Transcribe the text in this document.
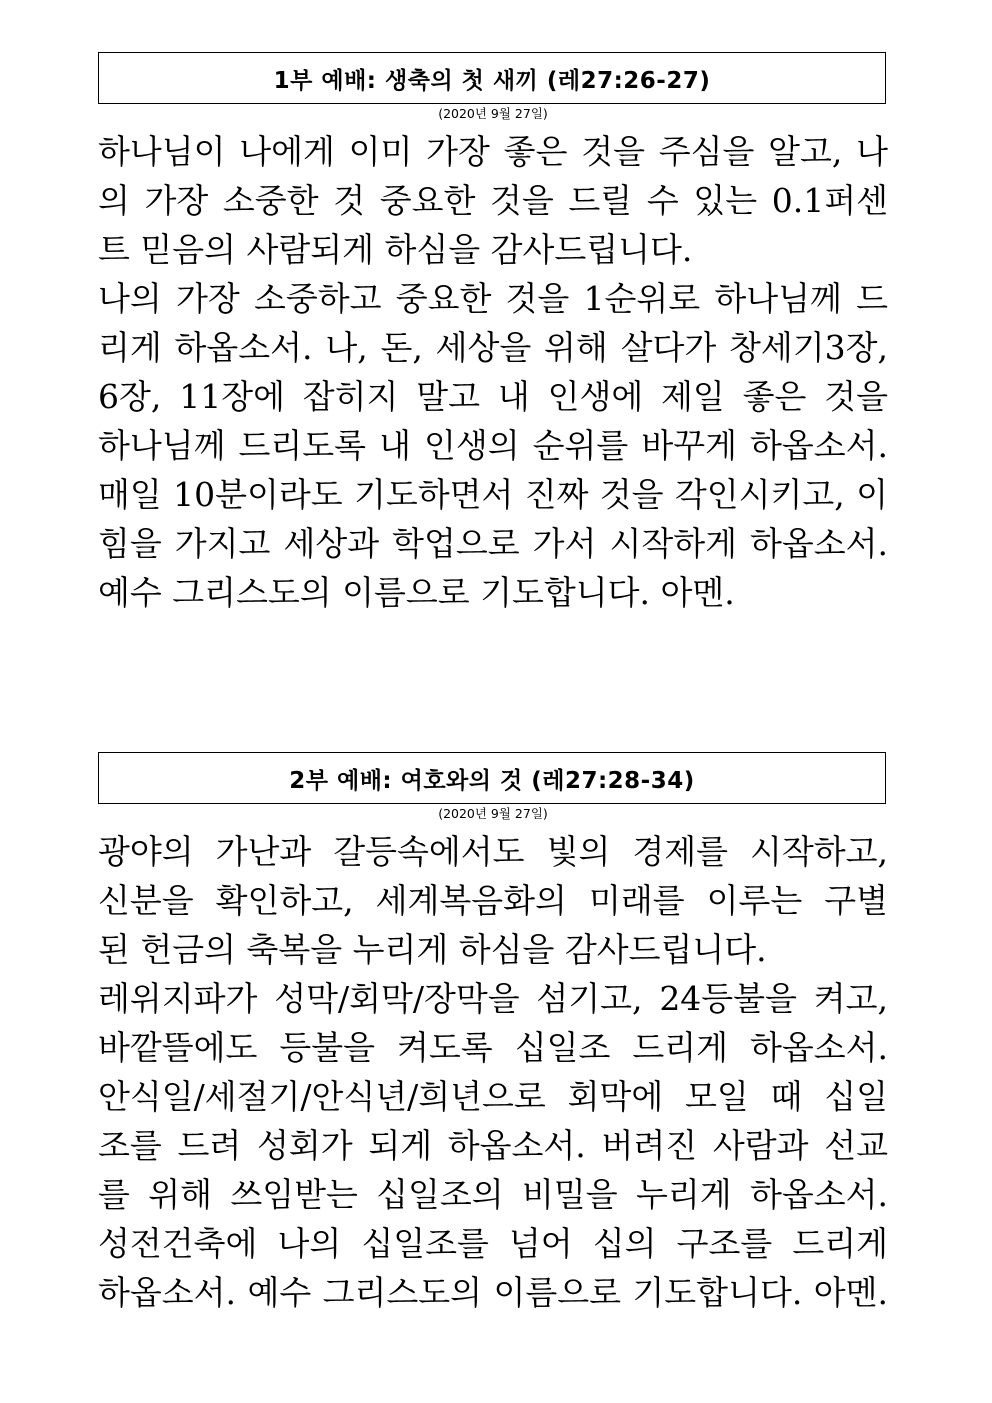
1부 예배: 생축의 첫 새끼 (레27:26-27)
(2020년 9월 27일)
하나님이 나에게 이미 가장 좋은 것을 주심을 알고, 나
의 가장 소중한 것 중요한 것을 드릴 수 있는 0.1퍼센
트 믿음의 사람되게 하심을 감사드립니다.
나의 가장 소중하고 중요한 것을 1순위로 하나님께 드
리게 하옵소서. 나, 돈, 세상을 위해 살다가 창세기3장,
6장, 11장에 잡히지 말고 내 인생에 제일 좋은 것을
하나님께 드리도록 내 인생의 순위를 바꾸게 하옵소서.
매일 10분이라도 기도하면서 진짜 것을 각인시키고, 이
힘을 가지고 세상과 학업으로 가서 시작하게 하옵소서.
예수 그리스도의 이름으로 기도합니다. 아멘.
2부 예배: 여호와의 것 (레27:28-34)
(2020년 9월 27일)
광야의 가난과 갈등속에서도 빛의 경제를 시작하고,
신분을 확인하고, 세계복음화의 미래를 이루는 구별
된 헌금의 축복을 누리게 하심을 감사드립니다.
레위지파가 성막/회막/장막을 섬기고, 24등불을 켜고,
바깥뜰에도 등불을 켜도록 십일조 드리게 하옵소서.
안식일/세절기/안식년/희년으로 회막에 모일 때 십일
조를 드려 성회가 되게 하옵소서. 버려진 사람과 선교
를 위해 쓰임받는 십일조의 비밀을 누리게 하옵소서.
성전건축에 나의 십일조를 넘어 십의 구조를 드리게
하옵소서. 예수 그리스도의 이름으로 기도합니다. 아멘.
